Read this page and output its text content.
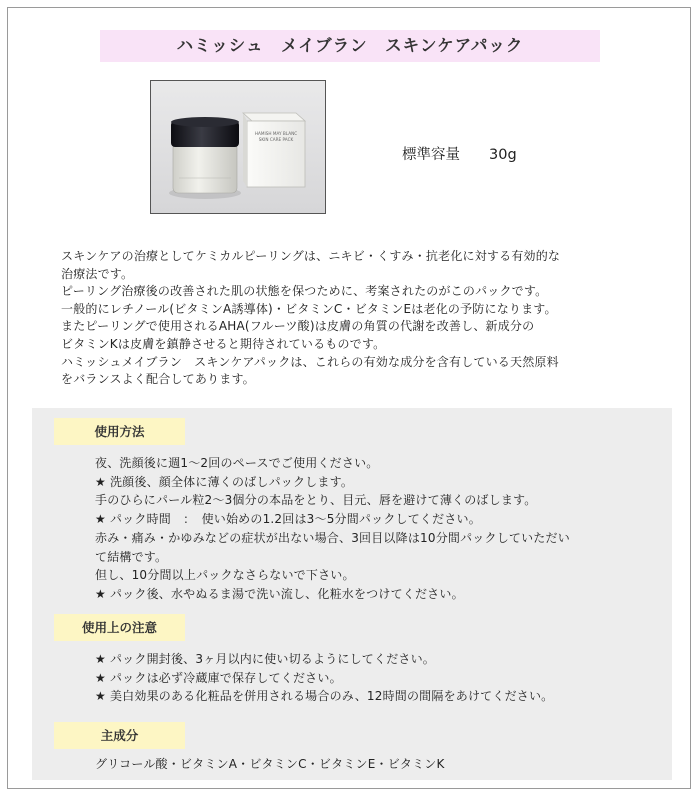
ハミッシュ　メイブラン　スキンケアパック
HAMISH MAY BLANC
SKIN CARE PACK
標準容量　　30g
スキンケアの治療としてケミカルピーリングは、ニキビ・くすみ・抗老化に対する有効的な
治療法です。
ピーリング治療後の改善された肌の状態を保つために、考案されたのがこのパックです。
一般的にレチノール(ビタミンA誘導体)・ビタミンC・ビタミンEは老化の予防になります。
またピーリングで使用されるAHA(フルーツ酸)は皮膚の角質の代謝を改善し、新成分の
ビタミンKは皮膚を鎮静させると期待されているものです。
ハミッシュメイブラン　スキンケアパックは、これらの有効な成分を含有している天然原料
をバランスよく配合してあります。
使用方法
夜、洗顔後に週1～2回のペースでご使用ください。
★ 洗顔後、顔全体に薄くのばしパックします。
手のひらにパール粒2～3個分の本品をとり、目元、唇を避けて薄くのばします。
★ パック時間　：　使い始めの1.2回は3～5分間パックしてください。
赤み・痛み・かゆみなどの症状が出ない場合、3回目以降は10分間パックしていただい
て結構です。
但し、10分間以上パックなさらないで下さい。
★ パック後、水やぬるま湯で洗い流し、化粧水をつけてください。
使用上の注意
★ パック開封後、3ヶ月以内に使い切るようにしてください。
★ パックは必ず冷蔵庫で保存してください。
★ 美白効果のある化粧品を併用される場合のみ、12時間の間隔をあけてください。
主成分
グリコール酸・ビタミンA・ビタミンC・ビタミンE・ビタミンK
